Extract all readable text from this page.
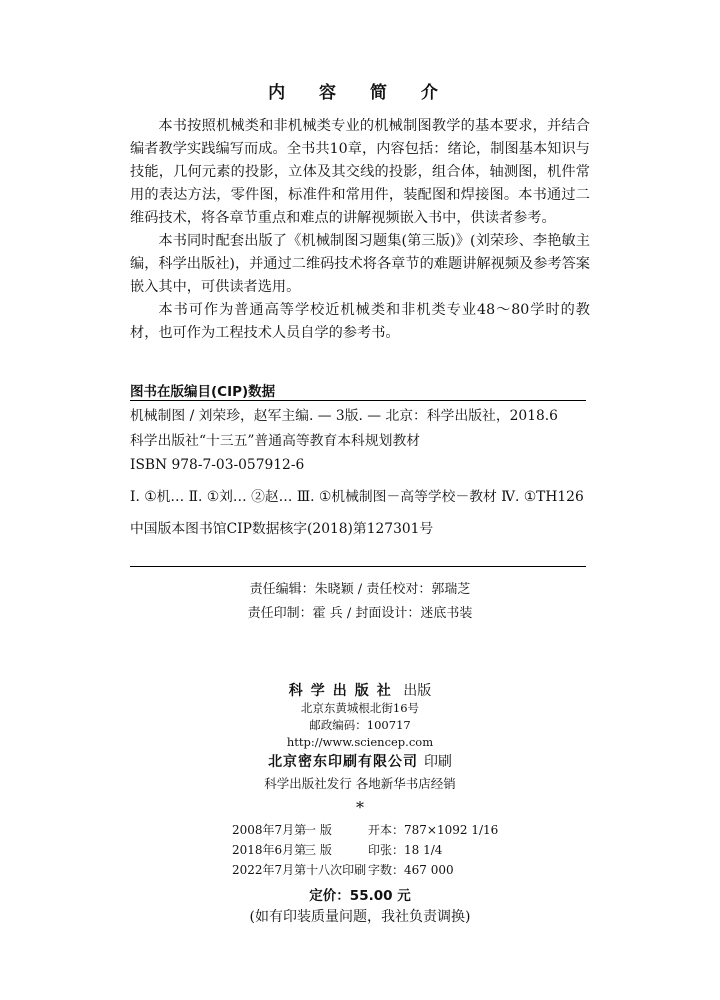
内 容 简 介

本书按照机械类和非机械类专业的机械制图教学的基本要求，并结合编者教学实践编写而成。全书共10章，内容包括：绪论，制图基本知识与技能，几何元素的投影，立体及其交线的投影，组合体，轴测图，机件常用的表达方法，零件图，标准件和常用件，装配图和焊接图。本书通过二维码技术，将各章节重点和难点的讲解视频嵌入书中，供读者参考。

本书同时配套出版了《机械制图习题集(第三版)》(刘荣珍、李艳敏主编，科学出版社)，并通过二维码技术将各章节的难题讲解视频及参考答案嵌入其中，可供读者选用。

本书可作为普通高等学校近机械类和非机类专业48～80学时的教材，也可作为工程技术人员自学的参考书。

图书在版编目(CIP)数据
机械制图 / 刘荣珍，赵军主编. — 3版. — 北京：科学出版社，2018.6
科学出版社“十三五”普通高等教育本科规划教材
ISBN 978-7-03-057912-6
Ⅰ. ①机… Ⅱ. ①刘… ②赵… Ⅲ. ①机械制图－高等学校－教材 Ⅳ. ①TH126
中国版本图书馆CIP数据核字(2018)第127301号
责任编辑：朱晓颖 / 责任校对：郭瑞芝
责任印制：霍 兵 / 封面设计：迷底书装
科学出版社 出版
北京东黄城根北街16号
邮政编码：100717
http://www.sciencep.com
北京密东印刷有限公司 印刷
科学出版社发行 各地新华书店经销
*
2008年7月第一 版	开本：787×1092 1/16
2018年6月第三 版	印张：18 1/4
2022年7月第十八次印刷 字数：467 000
定价：55.00 元
(如有印装质量问题，我社负责调换)
